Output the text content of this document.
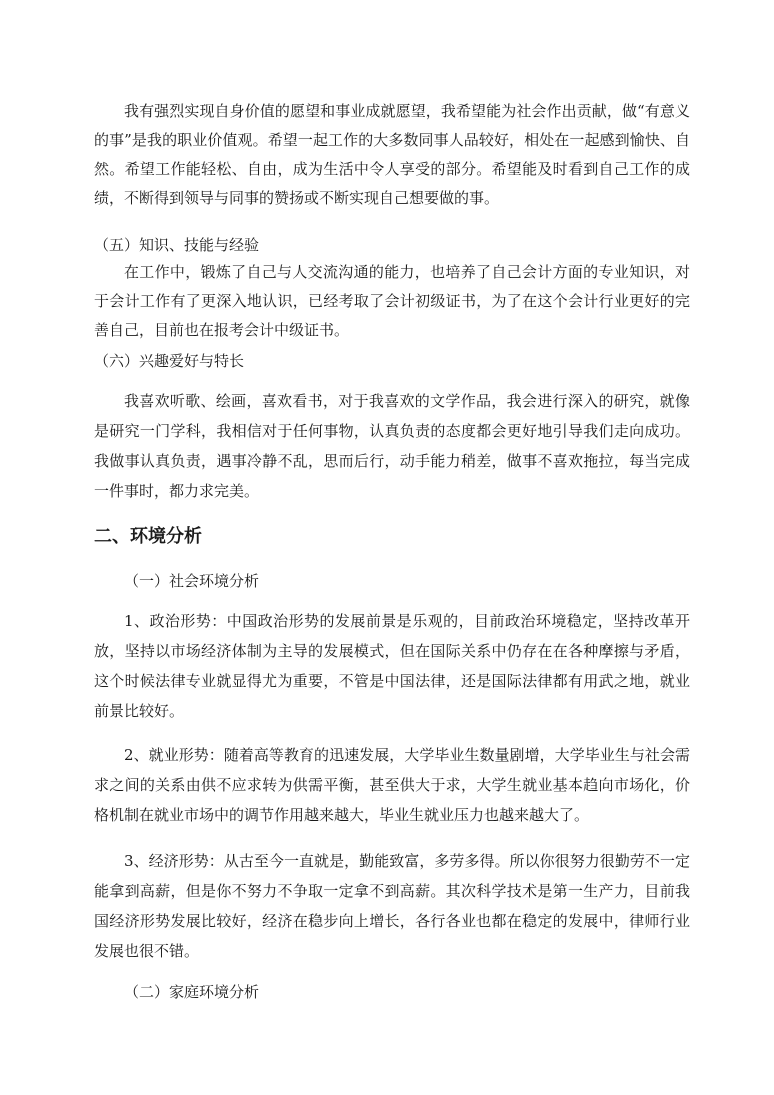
我有强烈实现自身价值的愿望和事业成就愿望，我希望能为社会作出贡献，做“有意义的事”是我的职业价值观。希望一起工作的大多数同事人品较好，相处在一起感到愉快、自然。希望工作能轻松、自由，成为生活中令人享受的部分。希望能及时看到自己工作的成绩，不断得到领导与同事的赞扬或不断实现自己想要做的事。

（五）知识、技能与经验

在工作中，锻炼了自己与人交流沟通的能力，也培养了自己会计方面的专业知识，对于会计工作有了更深入地认识，已经考取了会计初级证书，为了在这个会计行业更好的完善自己，目前也在报考会计中级证书。

（六）兴趣爱好与特长

我喜欢听歌、绘画，喜欢看书，对于我喜欢的文学作品，我会进行深入的研究，就像是研究一门学科，我相信对于任何事物，认真负责的态度都会更好地引导我们走向成功。我做事认真负责，遇事冷静不乱，思而后行，动手能力稍差，做事不喜欢拖拉，每当完成一件事时，都力求完美。

二、环境分析
（一）社会环境分析

1、政治形势：中国政治形势的发展前景是乐观的，目前政治环境稳定，坚持改革开放，坚持以市场经济体制为主导的发展模式，但在国际关系中仍存在在各种摩擦与矛盾，这个时候法律专业就显得尤为重要，不管是中国法律，还是国际法律都有用武之地，就业前景比较好。

2、就业形势：随着高等教育的迅速发展，大学毕业生数量剧增，大学毕业生与社会需求之间的关系由供不应求转为供需平衡，甚至供大于求，大学生就业基本趋向市场化，价格机制在就业市场中的调节作用越来越大，毕业生就业压力也越来越大了。

3、经济形势：从古至今一直就是，勤能致富，多劳多得。所以你很努力很勤劳不一定能拿到高薪，但是你不努力不争取一定拿不到高薪。其次科学技术是第一生产力，目前我国经济形势发展比较好，经济在稳步向上增长，各行各业也都在稳定的发展中，律师行业发展也很不错。

（二）家庭环境分析
